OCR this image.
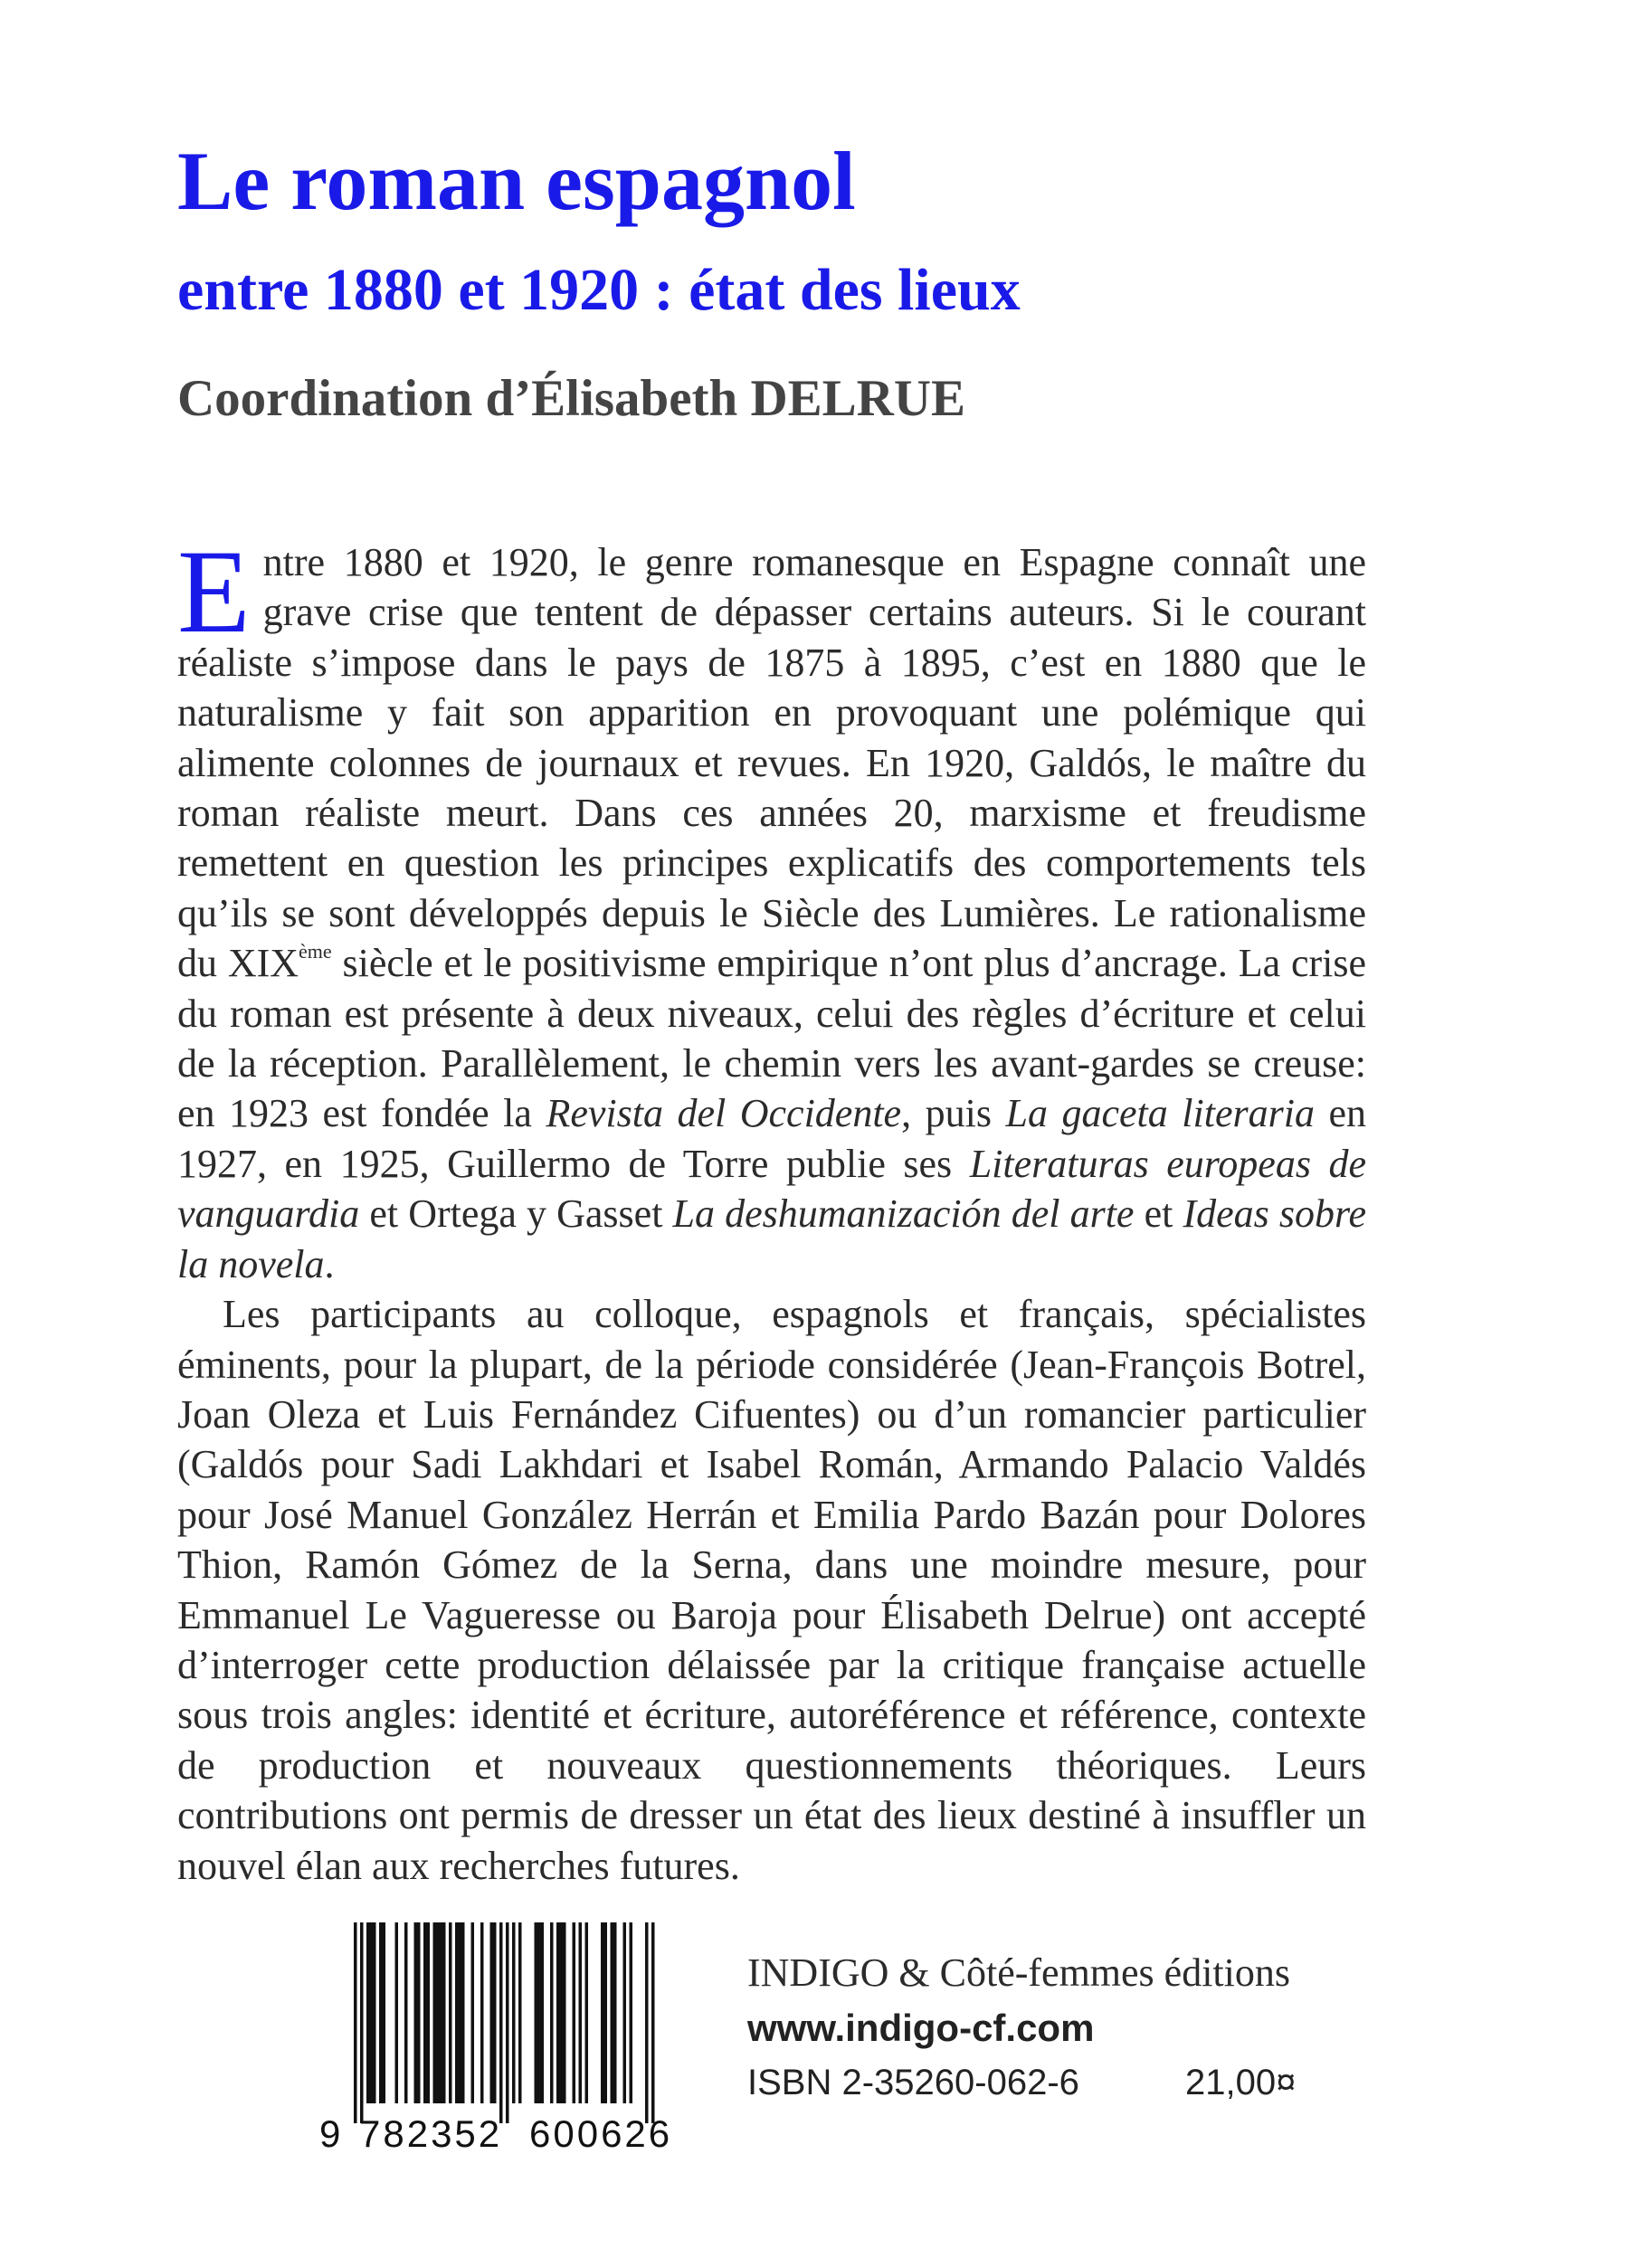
Le roman espagnol
entre 1880 et 1920 : état des lieux
Coordination d’Élisabeth DELRUE

Entre 1880 et 1920, le genre romanesque en Espagne connaît une grave crise que tentent de dépasser certains auteurs. Si le courant réaliste s’impose dans le pays de 1875 à 1895, c’est en 1880 que le naturalisme y fait son apparition en provoquant une polémique qui alimente colonnes de journaux et revues. En 1920, Galdós, le maître du roman réaliste meurt. Dans ces années 20, marxisme et freudisme remettent en question les principes explicatifs des comportements tels qu’ils se sont développés depuis le Siècle des Lumières. Le rationalisme du XIXème siècle et le positivisme empirique n’ont plus d’ancrage. La crise du roman est présente à deux niveaux, celui des règles d’écriture et celui de la réception. Parallèlement, le chemin vers les avant-gardes se creuse: en 1923 est fondée la Revista del Occidente, puis La gaceta literaria en 1927, en 1925, Guillermo de Torre publie ses Literaturas europeas de vanguardia et Ortega y Gasset La deshumanización del arte et Ideas sobre la novela.

Les participants au colloque, espagnols et français, spécialistes éminents, pour la plupart, de la période considérée (Jean-François Botrel, Joan Oleza et Luis Fernández Cifuentes) ou d’un romancier particulier (Galdós pour Sadi Lakhdari et Isabel Román, Armando Palacio Valdés pour José Manuel González Herrán et Emilia Pardo Bazán pour Dolores Thion, Ramón Gómez de la Serna, dans une moindre mesure, pour Emmanuel Le Vagueresse ou Baroja pour Élisabeth Delrue) ont accepté d’interroger cette production délaissée par la critique française actuelle sous trois angles: identité et écriture, autoréférence et référence, contexte de production et nouveaux questionnements théoriques. Leurs contributions ont permis de dresser un état des lieux destiné à insuffler un nouvel élan aux recherches futures.

9 782352 600626
INDIGO & Côté-femmes éditions
www.indigo-cf.com
ISBN 2-35260-062-6	21,00¤
